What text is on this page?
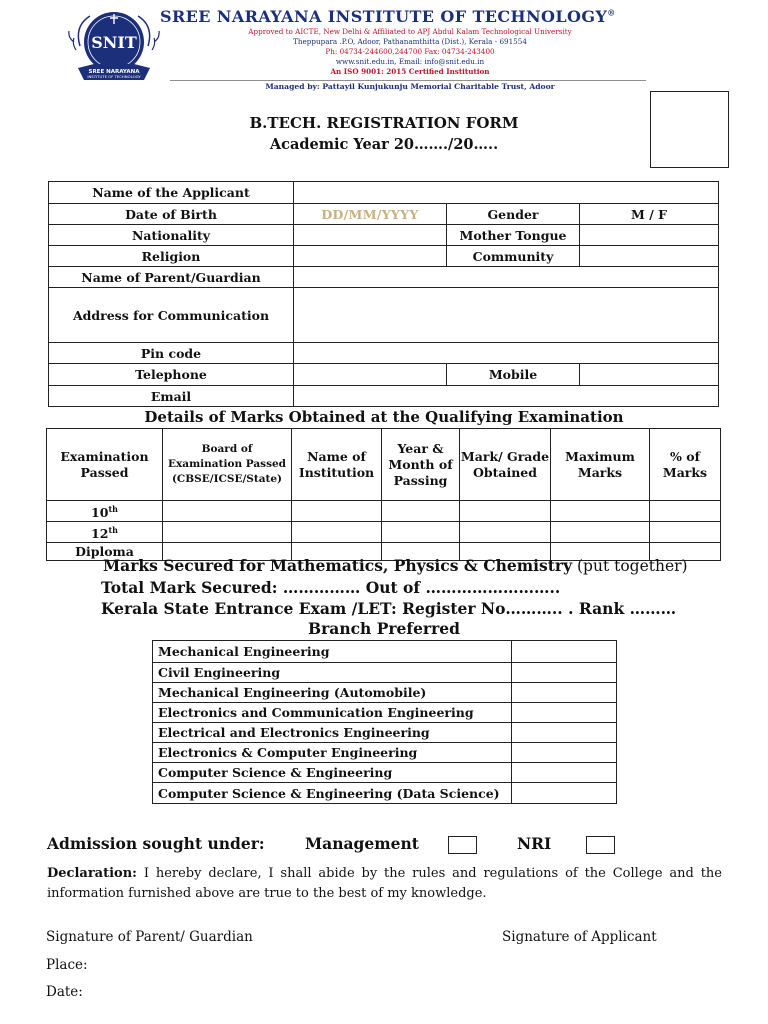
SNIT
SREE NARAYANA
INSTITUTE OF TECHNOLOGY
SREE NARAYANA INSTITUTE OF TECHNOLOGY®
Approved to AICTE, New Delhi & Affiliated to APJ Abdul Kalam Technological University
Theppupara .P.O, Adoor, Pathanamthitta (Dist.), Kerala - 691554
Ph: 04734-244600,244700 Fax: 04734-243400
www.snit.edu.in, Email: info@snit.edu.in
An ISO 9001: 2015 Certified Institution
Managed by: Pattayil Kunjukunju Memorial Charitable Trust, Adoor
B.TECH. REGISTRATION FORM
Academic Year 20……./20…..
Name of the Applicant			
Date of Birth	DD/MM/YYYY	Gender	M / F
Nationality		Mother Tongue	
Religion		Community	
Name of Parent/Guardian			
Address for Communication			
Pin code			
Telephone		Mobile	
Email			
Details of Marks Obtained at the Qualifying Examination
Examination Passed	Board of Examination Passed (CBSE/ICSE/State)	Name of Institution	Year & Month of Passing	Mark/ Grade Obtained	Maximum Marks	% of Marks
10th						
12th						
Diploma						
Marks Secured for Mathematics, Physics & Chemistry (put together)
Total Mark Secured: …………… Out of ……………………..
Kerala State Entrance Exam /LET: Register No……….. . Rank ………
Branch Preferred
Mechanical Engineering	
Civil Engineering	
Mechanical Engineering (Automobile)	
Electronics and Communication Engineering	
Electrical and Electronics Engineering	
Electronics & Computer Engineering	
Computer Science & Engineering	
Computer Science & Engineering (Data Science)	
Admission sought under:	Management	NRI
Declaration: I hereby declare, I shall abide by the rules and regulations of the College and the information furnished above are true to the best of my knowledge.
Signature of Parent/ Guardian	Signature of Applicant
Place:
Date:
